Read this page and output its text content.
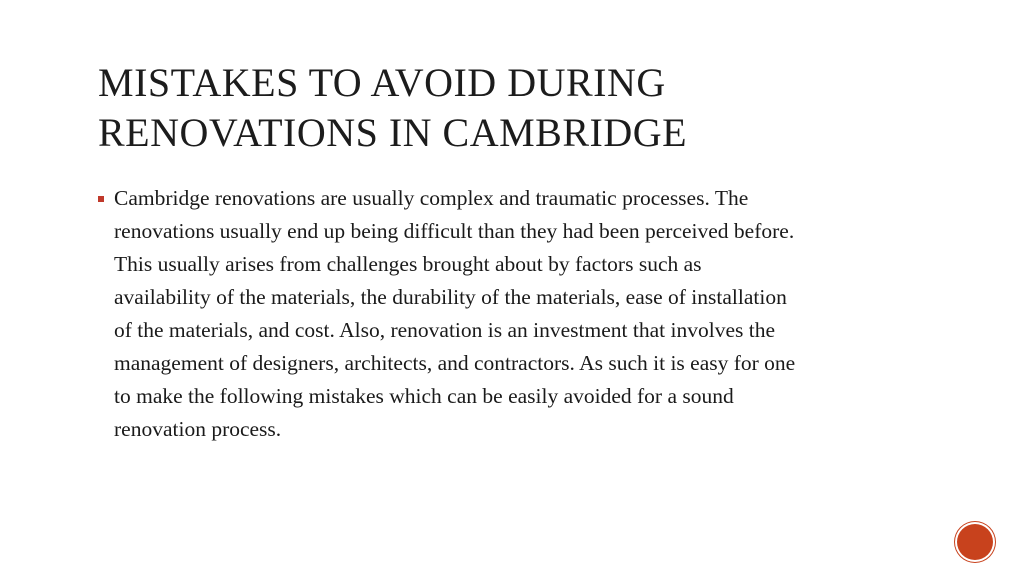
MISTAKES TO AVOID DURING
RENOVATIONS IN CAMBRIDGE
Cambridge renovations are usually complex and traumatic processes. The
renovations usually end up being difficult than they had been perceived before.
This usually arises from challenges brought about by factors such as
availability of the materials, the durability of the materials, ease of installation
of the materials, and cost. Also, renovation is an investment that involves the
management of designers, architects, and contractors. As such it is easy for one
to make the following mistakes which can be easily avoided for a sound
renovation process.
